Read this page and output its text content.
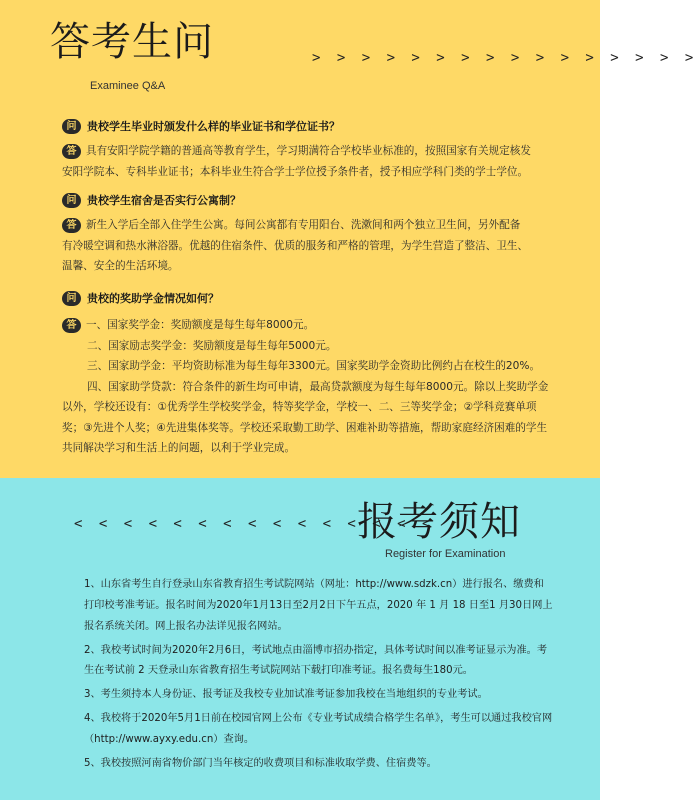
答考生问
Examinee Q&A
> > > > > > > > > > > > > > > >
问 贵校学生毕业时颁发什么样的毕业证书和学位证书？
答 具有安阳学院学籍的普通高等教育学生，学习期满符合学校毕业标准的，按照国家有关规定核发
安阳学院本、专科毕业证书；本科毕业生符合学士学位授予条件者，授予相应学科门类的学士学位。
问 贵校学生宿舍是否实行公寓制？
答 新生入学后全部入住学生公寓。每间公寓都有专用阳台、洗漱间和两个独立卫生间，另外配备
有冷暖空调和热水淋浴器。优越的住宿条件、优质的服务和严格的管理，为学生营造了整洁、卫生、
温馨、安全的生活环境。
问 贵校的奖助学金情况如何？
答 一、国家奖学金：奖励额度是每生每年8000元。
二、国家励志奖学金：奖励额度是每生每年5000元。
三、国家助学金：平均资助标准为每生每年3300元。国家奖助学金资助比例约占在校生的20%。
四、国家助学贷款：符合条件的新生均可申请，最高贷款额度为每生每年8000元。除以上奖助学金
以外，学校还设有：①优秀学生学校奖学金，特等奖学金，学校一、二、三等奖学金；②学科竞赛单项
奖；③先进个人奖；④先进集体奖等。学校还采取勤工助学、困难补助等措施，帮助家庭经济困难的学生
共同解决学习和生活上的问题，以利于学业完成。
< < < < < < < < < < < < < < <
报考须知
Register for Examination

1、山东省考生自行登录山东省教育招生考试院网站（网址：http://www.sdzk.cn）进行报名、缴费和打印校考准考证。报名时间为2020年1月13日至2月2日下午五点，2020 年 1 月 18 日至1 月30日网上报名系统关闭。网上报名办法详见报名网站。

2、我校考试时间为2020年2月6日，考试地点由淄博市招办指定，具体考试时间以准考证显示为准。考生在考试前 2 天登录山东省教育招生考试院网站下载打印准考证。报名费每生180元。

3、考生须持本人身份证、报考证及我校专业加试准考证参加我校在当地组织的专业考试。

4、我校将于2020年5月1日前在校园官网上公布《专业考试成绩合格学生名单》，考生可以通过我校官网（http://www.ayxy.edu.cn）查询。

5、我校按照河南省物价部门当年核定的收费项目和标准收取学费、住宿费等。
